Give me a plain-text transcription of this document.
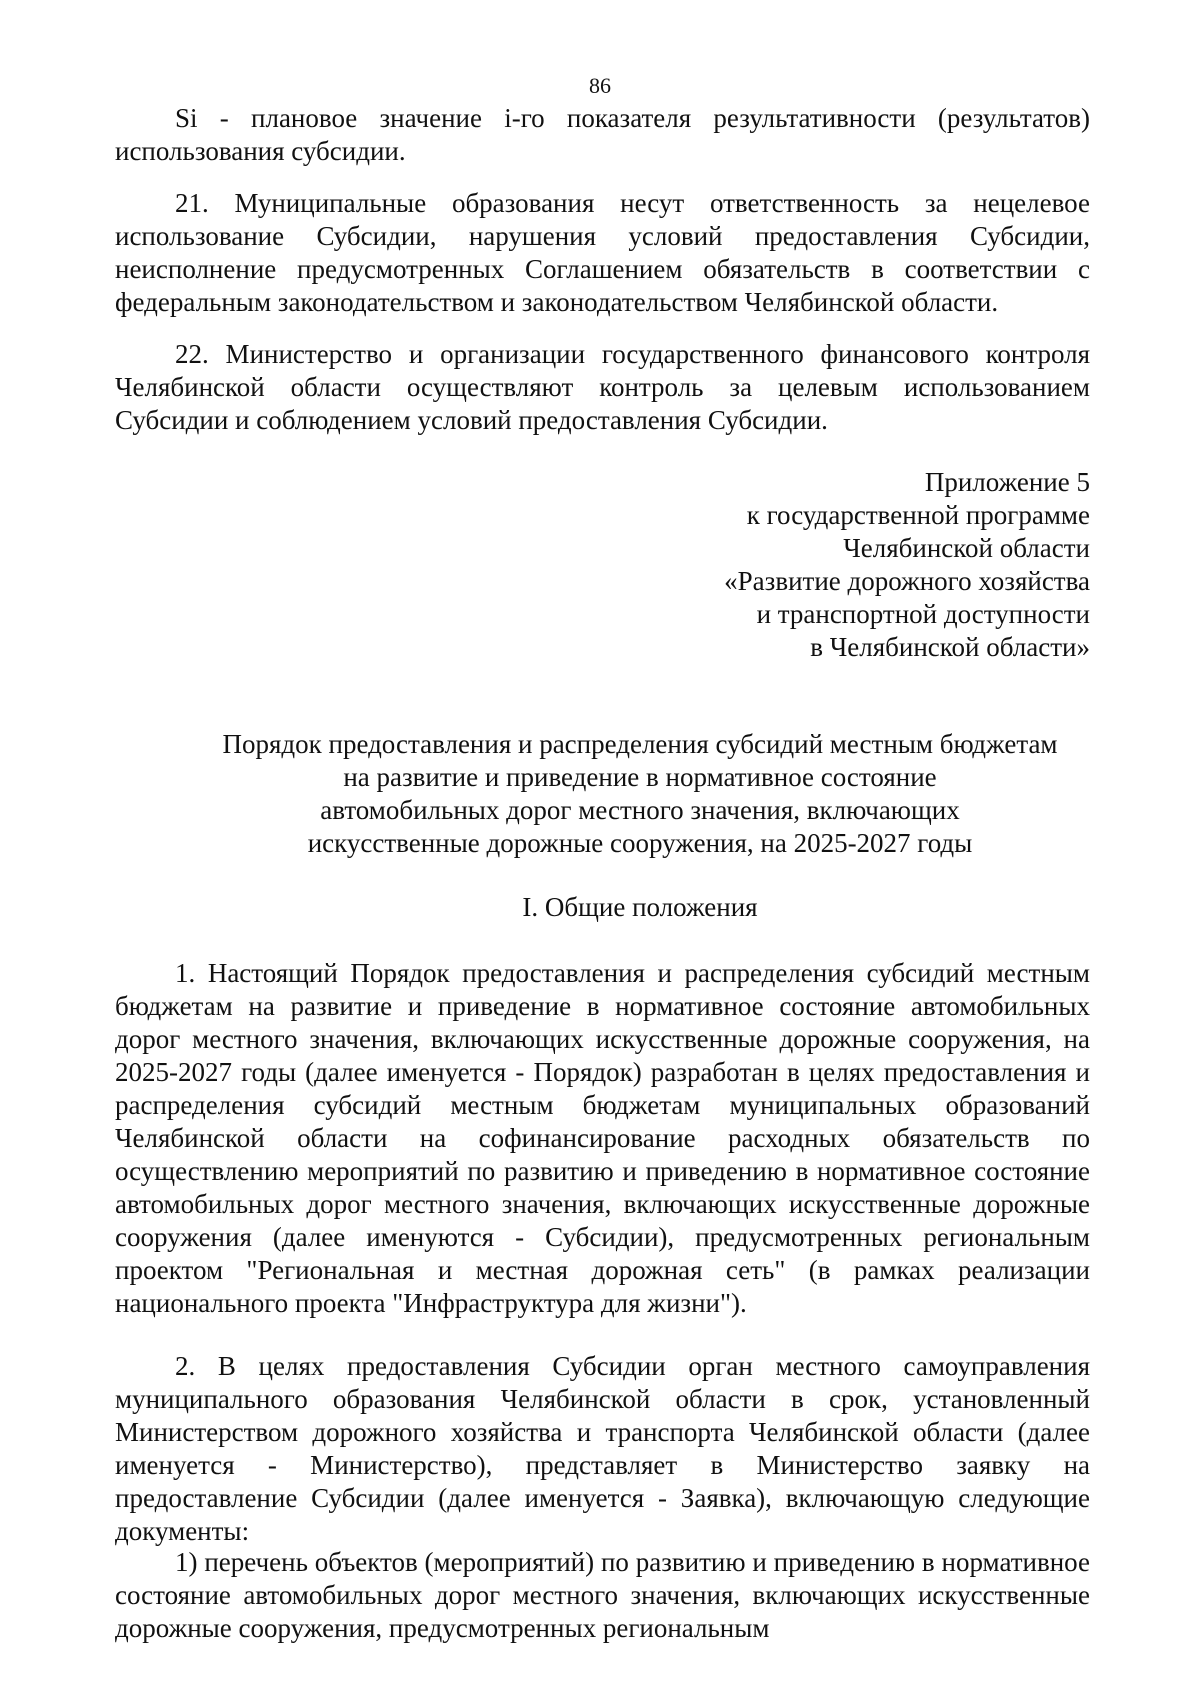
86

Si - плановое значение i-го показателя результативности (результатов) использования субсидии.

21. Муниципальные образования несут ответственность за нецелевое использование Субсидии, нарушения условий предоставления Субсидии, неисполнение предусмотренных Соглашением обязательств в соответствии с федеральным законодательством и законодательством Челябинской области.

22. Министерство и организации государственного финансового контроля Челябинской области осуществляют контроль за целевым использованием Субсидии и соблюдением условий предоставления Субсидии.

Приложение 5
к государственной программе
Челябинской области
«Развитие дорожного хозяйства
и транспортной доступности
в Челябинской области»
Порядок предоставления и распределения субсидий местным бюджетам
на развитие и приведение в нормативное состояние
автомобильных дорог местного значения, включающих
искусственные дорожные сооружения, на 2025-2027 годы
I. Общие положения

1. Настоящий Порядок предоставления и распределения субсидий местным бюджетам на развитие и приведение в нормативное состояние автомобильных дорог местного значения, включающих искусственные дорожные сооружения, на 2025-2027 годы (далее именуется - Порядок) разработан в целях предоставления и распределения субсидий местным бюджетам муниципальных образований Челябинской области на софинансирование расходных обязательств по осуществлению мероприятий по развитию и приведению в нормативное состояние автомобильных дорог местного значения, включающих искусственные дорожные сооружения (далее именуются - Субсидии), предусмотренных региональным проектом "Региональная и местная дорожная сеть" (в рамках реализации национального проекта "Инфраструктура для жизни").

2. В целях предоставления Субсидии орган местного самоуправления муниципального образования Челябинской области в срок, установленный Министерством дорожного хозяйства и транспорта Челябинской области (далее именуется - Министерство), представляет в Министерство заявку на предоставление Субсидии (далее именуется - Заявка), включающую следующие документы:

1) перечень объектов (мероприятий) по развитию и приведению в нормативное состояние автомобильных дорог местного значения, включающих искусственные дорожные сооружения, предусмотренных региональным
